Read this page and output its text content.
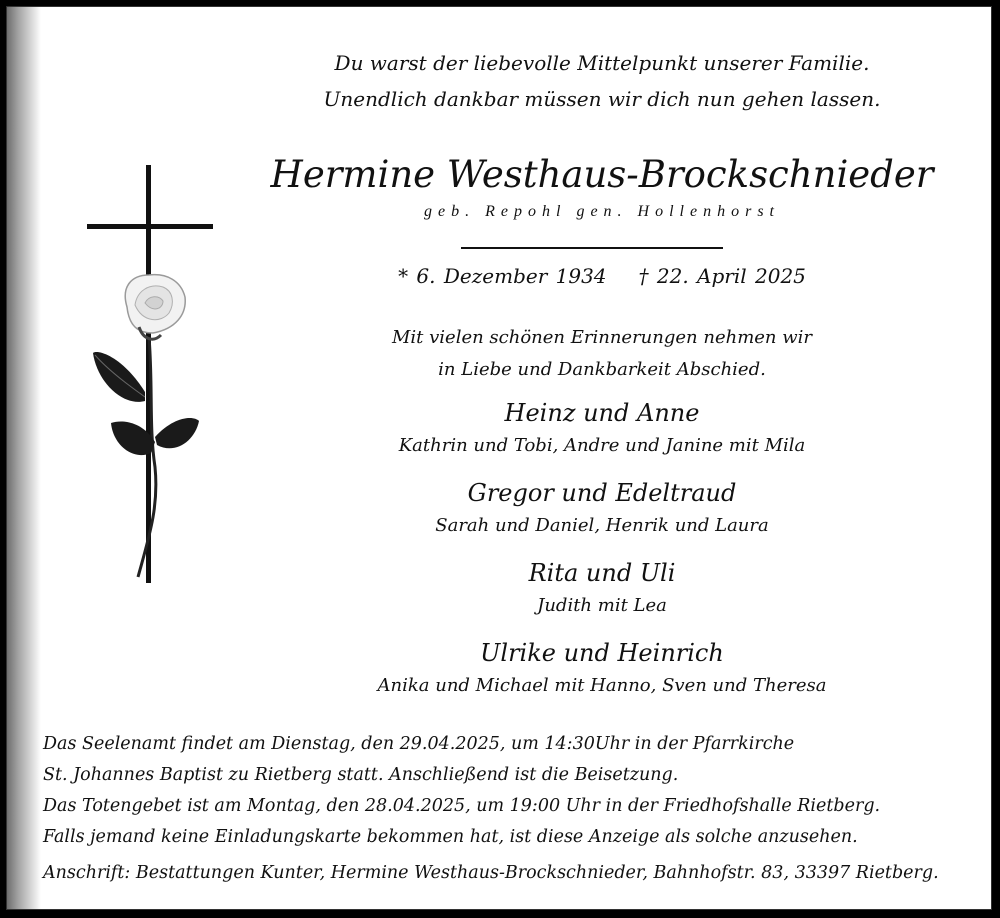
Du warst der liebevolle Mittelpunkt unserer Familie.
Unendlich dankbar müssen wir dich nun gehen lassen.
Hermine Westhaus-Brockschnieder
geb. Repohl gen. Hollenhorst
* 6. Dezember 1934 † 22. April 2025
Mit vielen schönen Erinnerungen nehmen wir
in Liebe und Dankbarkeit Abschied.
Heinz und Anne
Kathrin und Tobi, Andre und Janine mit Mila
Gregor und Edeltraud
Sarah und Daniel, Henrik und Laura
Rita und Uli
Judith mit Lea
Ulrike und Heinrich
Anika und Michael mit Hanno, Sven und Theresa
Das Seelenamt findet am Dienstag, den 29.04.2025, um 14:30Uhr in der Pfarrkirche
St. Johannes Baptist zu Rietberg statt. Anschließend ist die Beisetzung.
Das Totengebet ist am Montag, den 28.04.2025, um 19:00 Uhr in der Friedhofshalle Rietberg.
Falls jemand keine Einladungskarte bekommen hat, ist diese Anzeige als solche anzusehen.
Anschrift: Bestattungen Kunter, Hermine Westhaus-Brockschnieder, Bahnhofstr. 83, 33397 Rietberg.
